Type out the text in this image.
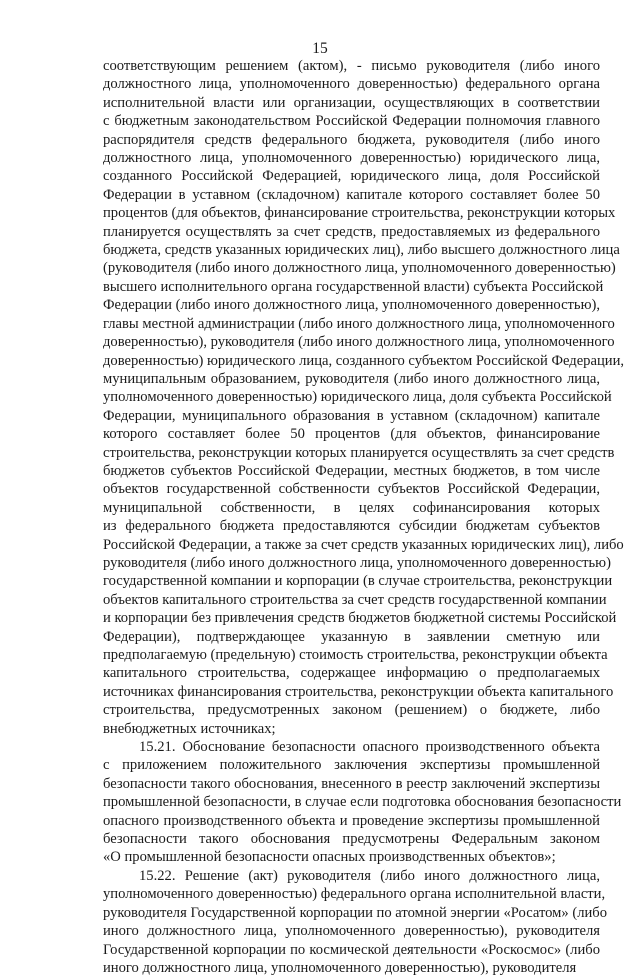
15

соответствующим решением (актом), - письмо руководителя (либо иного
должностного лица, уполномоченного доверенностью) федерального органа
исполнительной власти или организации, осуществляющих в соответствии
с бюджетным законодательством Российской Федерации полномочия главного
распорядителя средств федерального бюджета, руководителя (либо иного
должностного лица, уполномоченного доверенностью) юридического лица,
созданного Российской Федерацией, юридического лица, доля Российской
Федерации в уставном (складочном) капитале которого составляет более 50
процентов (для объектов, финансирование строительства, реконструкции которых
планируется осуществлять за счет средств, предоставляемых из федерального
бюджета, средств указанных юридических лиц), либо высшего должностного лица
(руководителя (либо иного должностного лица, уполномоченного доверенностью)
высшего исполнительного органа государственной власти) субъекта Российской
Федерации (либо иного должностного лица, уполномоченного доверенностью),
главы местной администрации (либо иного должностного лица, уполномоченного
доверенностью), руководителя (либо иного должностного лица, уполномоченного
доверенностью) юридического лица, созданного субъектом Российской Федерации,
муниципальным образованием, руководителя (либо иного должностного лица,
уполномоченного доверенностью) юридического лица, доля субъекта Российской
Федерации, муниципального образования в уставном (складочном) капитале
которого составляет более 50 процентов (для объектов, финансирование
строительства, реконструкции которых планируется осуществлять за счет средств
бюджетов субъектов Российской Федерации, местных бюджетов, в том числе
объектов государственной собственности субъектов Российской Федерации,
муниципальной собственности, в целях софинансирования которых
из федерального бюджета предоставляются субсидии бюджетам субъектов
Российской Федерации, а также за счет средств указанных юридических лиц), либо
руководителя (либо иного должностного лица, уполномоченного доверенностью)
государственной компании и корпорации (в случае строительства, реконструкции
объектов капитального строительства за счет средств государственной компании
и корпорации без привлечения средств бюджетов бюджетной системы Российской
Федерации), подтверждающее указанную в заявлении сметную или
предполагаемую (предельную) стоимость строительства, реконструкции объекта
капитального строительства, содержащее информацию о предполагаемых
источниках финансирования строительства, реконструкции объекта капитального
строительства, предусмотренных законом (решением) о бюджете, либо
внебюджетных источниках;

15.21. Обоснование безопасности опасного производственного объекта
с приложением положительного заключения экспертизы промышленной
безопасности такого обоснования, внесенного в реестр заключений экспертизы
промышленной безопасности, в случае если подготовка обоснования безопасности
опасного производственного объекта и проведение экспертизы промышленной
безопасности такого обоснования предусмотрены Федеральным законом
«О промышленной безопасности опасных производственных объектов»;

15.22. Решение (акт) руководителя (либо иного должностного лица,
уполномоченного доверенностью) федерального органа исполнительной власти,
руководителя Государственной корпорации по атомной энергии «Росатом» (либо
иного должностного лица, уполномоченного доверенностью), руководителя
Государственной корпорации по космической деятельности «Роскосмос» (либо
иного должностного лица, уполномоченного доверенностью), руководителя
